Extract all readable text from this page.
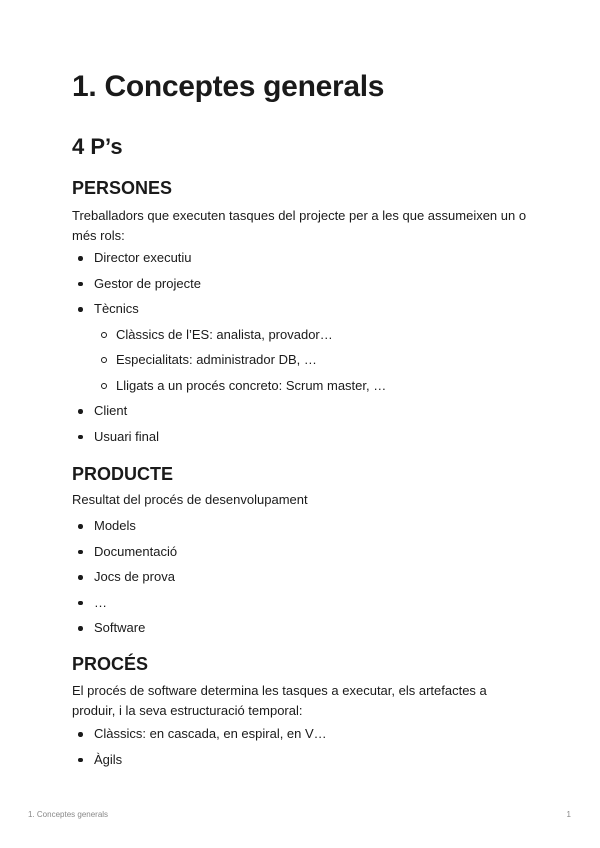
1. Conceptes generals
4 P’s
PERSONES

Treballadors que executen tasques del projecte per a les que assumeixen un o més rols:

Director executiu
Gestor de projecte
Tècnics
Clàssics de l’ES: analista, provador…
Especialitats: administrador DB, …
Lligats a un procés concreto: Scrum master, …
Client
Usuari final
PRODUCTE

Resultat del procés de desenvolupament

Models
Documentació
Jocs de prova
…
Software
PROCÉS

El procés de software determina les tasques a executar, els artefactes a produir, i la seva estructuració temporal:

Clàssics: en cascada, en espiral, en V…
Àgils
1. Conceptes generals	1
